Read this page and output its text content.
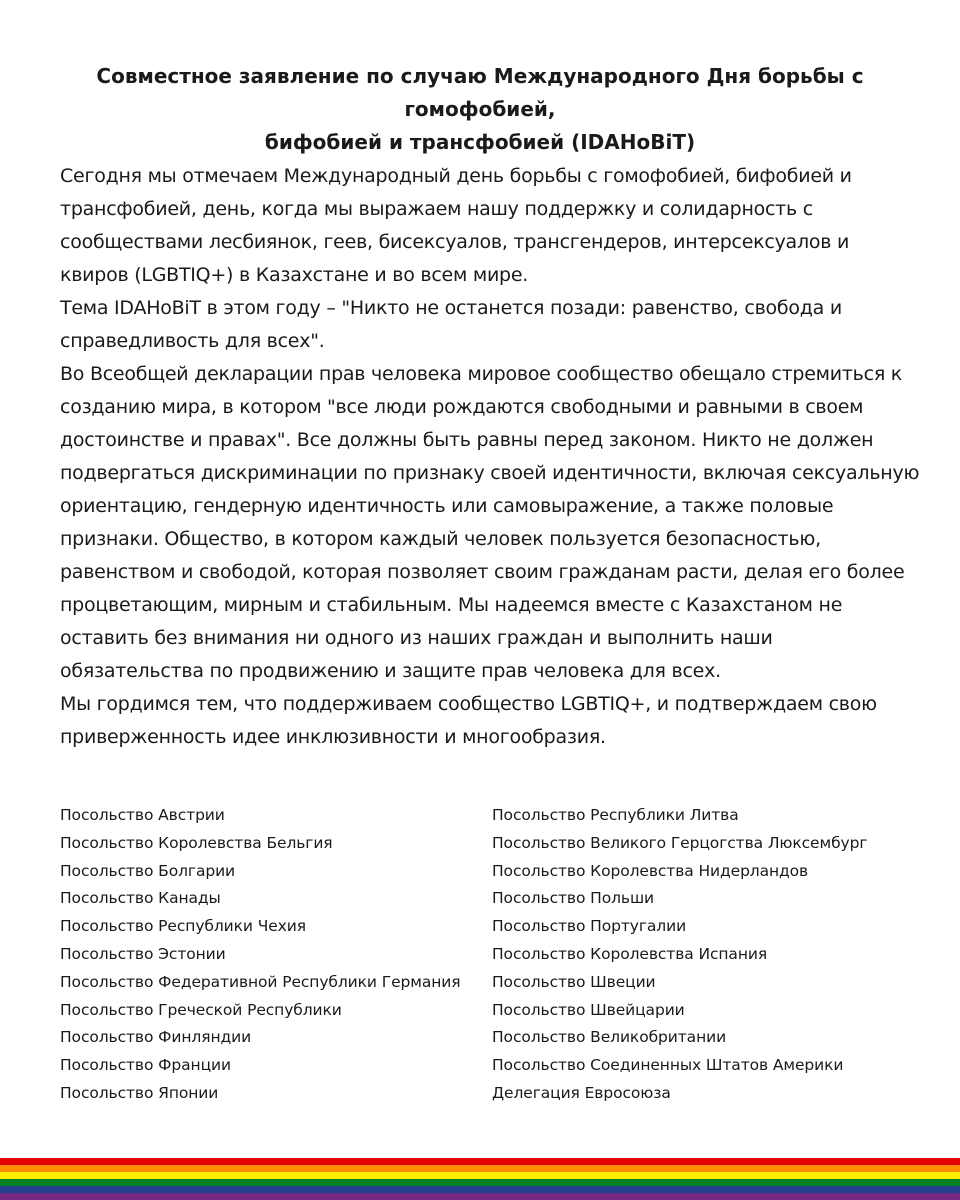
Совместное заявление по случаю Международного Дня борьбы с гомофобией,
бифобией и трансфобией (IDAHoBiT)

Сегодня мы отмечаем Международный день борьбы с гомофобией, бифобией и трансфобией, день, когда мы выражаем нашу поддержку и солидарность с сообществами лесбиянок, геев, бисексуалов, трансгендеров, интерсексуалов и квиров (LGBTIQ+) в Казахстане и во всем мире.

Тема IDAHoBiT в этом году – "Никто не останется позади: равенство, свобода и справедливость для всех".

Во Всеобщей декларации прав человека мировое сообщество обещало стремиться к созданию мира, в котором "все люди рождаются свободными и равными в своем достоинстве и правах". Все должны быть равны перед законом. Никто не должен подвергаться дискриминации по признаку своей идентичности, включая сексуальную ориентацию, гендерную идентичность или самовыражение, а также половые признаки. Общество, в котором каждый человек пользуется безопасностью, равенством и свободой, которая позволяет своим гражданам расти, делая его более процветающим, мирным и стабильным. Мы надеемся вместе с Казахстаном не оставить без внимания ни одного из наших граждан и выполнить наши обязательства по продвижению и защите прав человека для всех.

Мы гордимся тем, что поддерживаем сообщество LGBTIQ+, и подтверждаем свою приверженность идее инклюзивности и многообразия.

Посольство Австрии
Посольство Королевства Бельгия
Посольство Болгарии
Посольство Канады
Посольство Республики Чехия
Посольство Эстонии
Посольство Федеративной Республики Германия
Посольство Греческой Республики
Посольство Финляндии
Посольство Франции
Посольство Японии
Посольство Республики Литва
Посольство Великого Герцогства Люксембург
Посольство Королевства Нидерландов
Посольство Польши
Посольство Португалии
Посольство Королевства Испания
Посольство Швеции
Посольство Швейцарии
Посольство Великобритании
Посольство Соединенных Штатов Америки
Делегация Евросоюза
